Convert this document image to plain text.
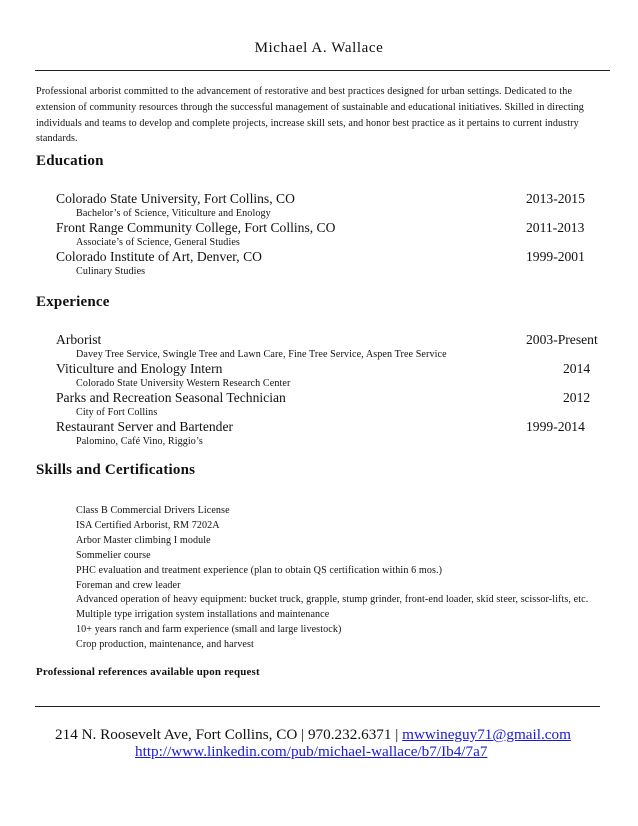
Michael A. Wallace
Professional arborist committed to the advancement of restorative and best practices designed for urban settings. Dedicated to the extension of community resources through the successful management of sustainable and educational initiatives. Skilled in directing individuals and teams to develop and complete projects, increase skill sets, and honor best practice as it pertains to current industry standards.
Education
Colorado State University, Fort Collins, CO	2013-2015
Bachelor’s of Science, Viticulture and Enology
Front Range Community College, Fort Collins, CO	2011-2013
Associate’s of Science, General Studies
Colorado Institute of Art, Denver, CO	1999-2001
Culinary Studies
Experience
Arborist	2003-Present
Davey Tree Service, Swingle Tree and Lawn Care, Fine Tree Service, Aspen Tree Service
Viticulture and Enology Intern	2014
Colorado State University Western Research Center
Parks and Recreation Seasonal Technician	2012
City of Fort Collins
Restaurant Server and Bartender	1999-2014
Palomino, Café Vino, Riggio’s
Skills and Certifications
Class B Commercial Drivers License
ISA Certified Arborist, RM 7202A
Arbor Master climbing I module
Sommelier course
PHC evaluation and treatment experience (plan to obtain QS certification within 6 mos.)
Foreman and crew leader
Advanced operation of heavy equipment: bucket truck, grapple, stump grinder, front-end loader, skid steer, scissor-lifts, etc.
Multiple type irrigation system installations and maintenance
10+ years ranch and farm experience (small and large livestock)
Crop production, maintenance, and harvest
Professional references available upon request
214 N. Roosevelt Ave, Fort Collins, CO | 970.232.6371 | mwwineguy71@gmail.com
http://www.linkedin.com/pub/michael-wallace/b7/Ib4/7a7
